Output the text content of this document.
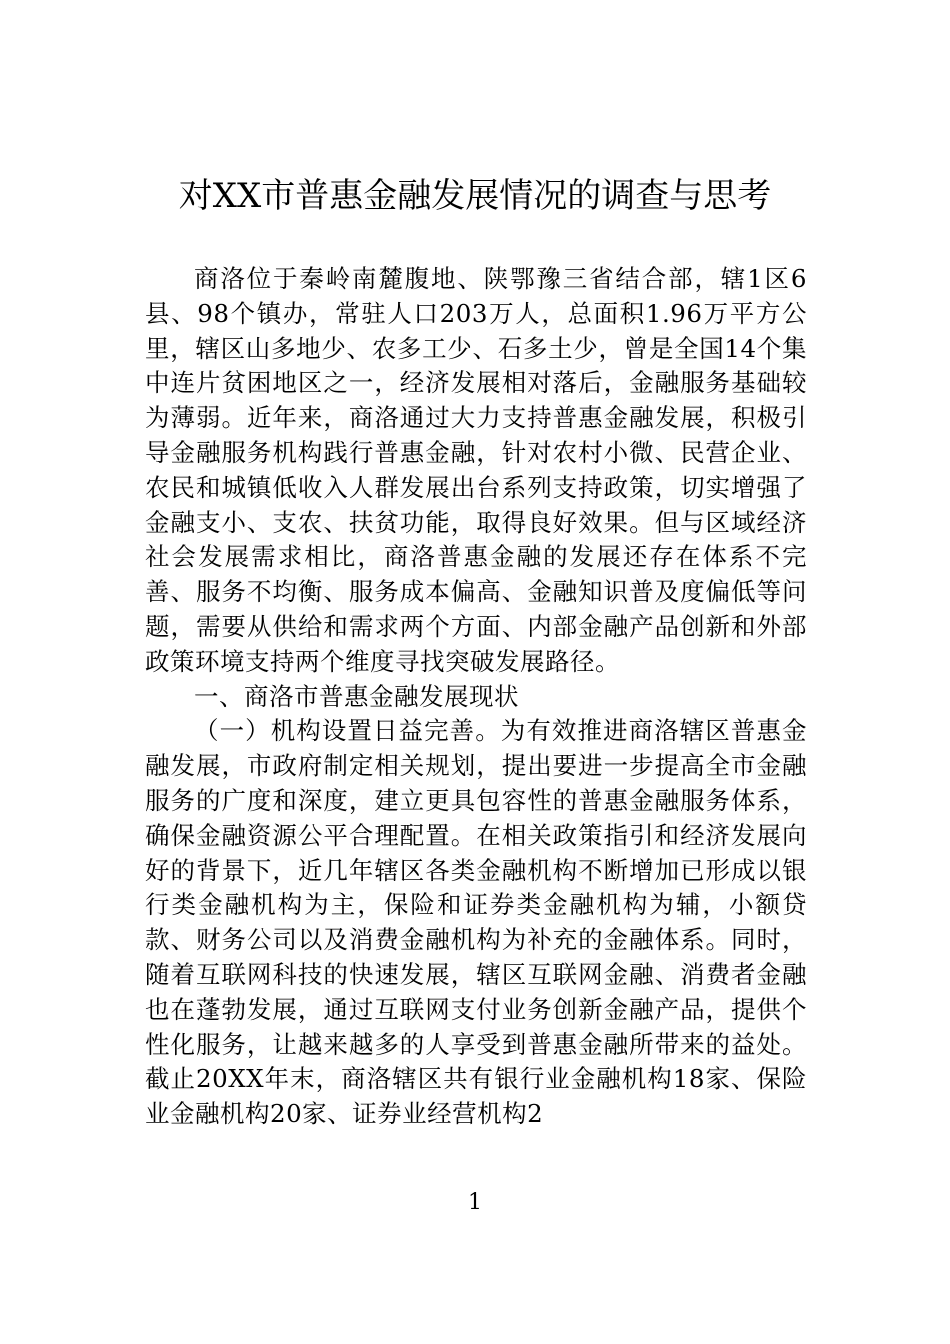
对XX市普惠金融发展情况的调查与思考

商洛位于秦岭南麓腹地、陕鄂豫三省结合部，辖1区6县、98个镇办，常驻人口203万人，总面积1.96万平方公里，辖区山多地少、农多工少、石多土少，曾是全国14个集中连片贫困地区之一，经济发展相对落后，金融服务基础较为薄弱。近年来，商洛通过大力支持普惠金融发展，积极引导金融服务机构践行普惠金融，针对农村小微、民营企业、农民和城镇低收入人群发展出台系列支持政策，切实增强了金融支小、支农、扶贫功能，取得良好效果。但与区域经济社会发展需求相比，商洛普惠金融的发展还存在体系不完善、服务不均衡、服务成本偏高、金融知识普及度偏低等问题，需要从供给和需求两个方面、内部金融产品创新和外部政策环境支持两个维度寻找突破发展路径。

一、商洛市普惠金融发展现状

（一）机构设置日益完善。为有效推进商洛辖区普惠金融发展，市政府制定相关规划，提出要进一步提高全市金融服务的广度和深度，建立更具包容性的普惠金融服务体系，确保金融资源公平合理配置。在相关政策指引和经济发展向好的背景下，近几年辖区各类金融机构不断增加已形成以银行类金融机构为主，保险和证券类金融机构为辅，小额贷款、财务公司以及消费金融机构为补充的金融体系。同时，随着互联网科技的快速发展，辖区互联网金融、消费者金融也在蓬勃发展，通过互联网支付业务创新金融产品，提供个性化服务，让越来越多的人享受到普惠金融所带来的益处。截止20XX年末，商洛辖区共有银行业金融机构18家、保险业金融机构20家、证券业经营机构2

1
